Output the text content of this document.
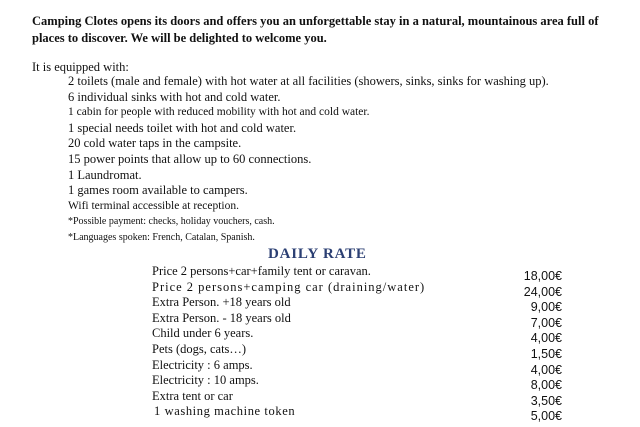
Camping Clotes opens its doors and offers you an unforgettable stay in a natural, mountainous area full of places to discover. We will be delighted to welcome you.

It is equipped with:
2 toilets (male and female) with hot water at all facilities (showers, sinks, sinks for washing up).
6 individual sinks with hot and cold water.
1 cabin for people with reduced mobility with hot and cold water.
1 special needs toilet with hot and cold water.
20 cold water taps in the campsite.
15 power points that allow up to 60 connections.
1 Laundromat.
1 games room available to campers.
Wifi terminal accessible at reception.
*Possible payment: checks, holiday vouchers, cash.
*Languages spoken: French, Catalan, Spanish.
DAILY RATE
Price 2 persons+car+family tent or caravan.	18,00€
Price 2 persons+camping car (draining/water)	24,00€
Extra Person. +18 years old	9,00€
Extra Person. - 18 years old	7,00€
Child under 6 years.	4,00€
Pets (dogs, cats…)	1,50€
Electricity : 6 amps.	4,00€
Electricity : 10 amps.	8,00€
Extra tent or car	3,50€
1 washing machine token	5,00€
